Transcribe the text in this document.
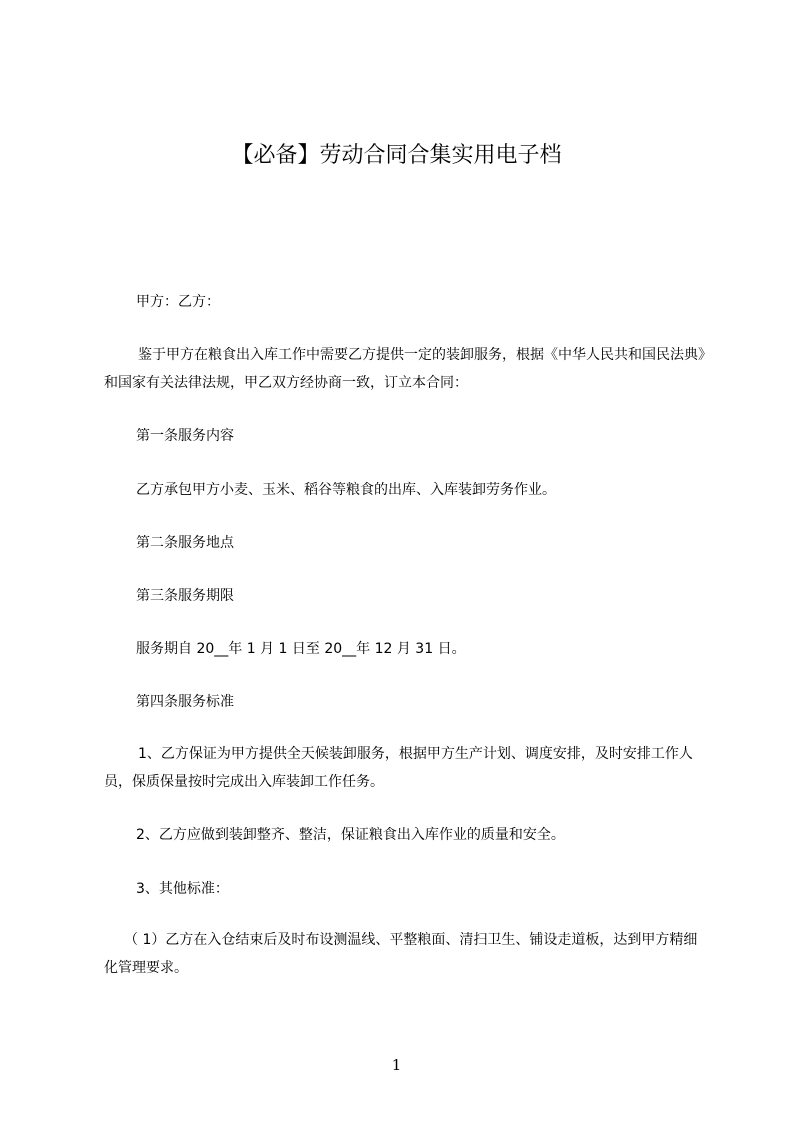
【必备】劳动合同合集实用电子档

甲方：乙方：

鉴于甲方在粮食出入库工作中需要乙方提供一定的装卸服务，根据《中华人民共和国民法典》和国家有关法律法规，甲乙双方经协商一致，订立本合同：

第一条服务内容

乙方承包甲方小麦、玉米、稻谷等粮食的出库、入库装卸劳务作业。

第二条服务地点

第三条服务期限

服务期自 20__年 1 月 1 日至 20__年 12 月 31 日。

第四条服务标准

1、乙方保证为甲方提供全天候装卸服务，根据甲方生产计划、调度安排，及时安排工作人员，保质保量按时完成出入库装卸工作任务。

2、乙方应做到装卸整齐、整洁，保证粮食出入库作业的质量和安全。

3、其他标准：

（ 1）乙方在入仓结束后及时布设测温线、平整粮面、清扫卫生、铺设走道板，达到甲方精细化管理要求。

1
